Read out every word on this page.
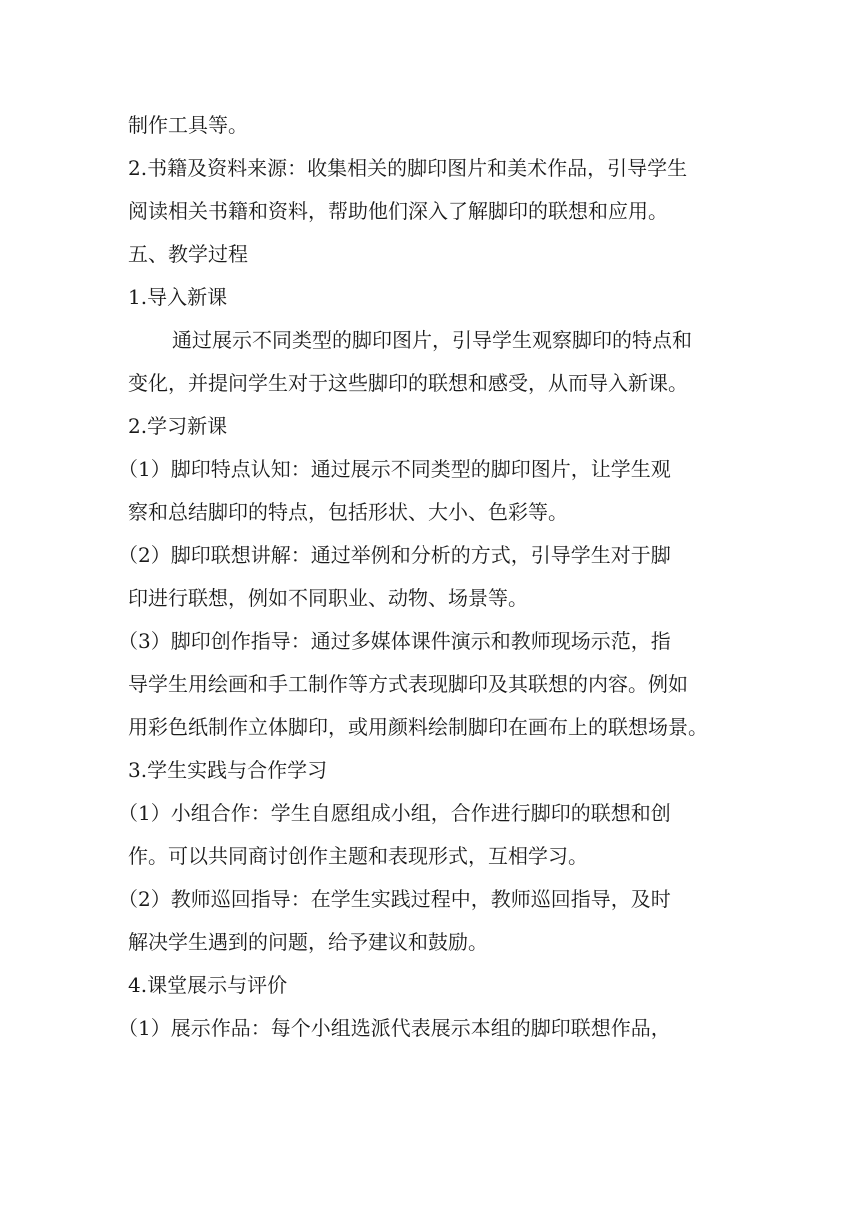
制作工具等。
2.书籍及资料来源：收集相关的脚印图片和美术作品，引导学生
阅读相关书籍和资料，帮助他们深入了解脚印的联想和应用。
五、教学过程
1.导入新课
通过展示不同类型的脚印图片，引导学生观察脚印的特点和
变化，并提问学生对于这些脚印的联想和感受，从而导入新课。
2.学习新课
（1）脚印特点认知：通过展示不同类型的脚印图片，让学生观
察和总结脚印的特点，包括形状、大小、色彩等。
（2）脚印联想讲解：通过举例和分析的方式，引导学生对于脚
印进行联想，例如不同职业、动物、场景等。
（3）脚印创作指导：通过多媒体课件演示和教师现场示范，指
导学生用绘画和手工制作等方式表现脚印及其联想的内容。例如
用彩色纸制作立体脚印，或用颜料绘制脚印在画布上的联想场景。
3.学生实践与合作学习
（1）小组合作：学生自愿组成小组，合作进行脚印的联想和创
作。可以共同商讨创作主题和表现形式，互相学习。
（2）教师巡回指导：在学生实践过程中，教师巡回指导，及时
解决学生遇到的问题，给予建议和鼓励。
4.课堂展示与评价
（1）展示作品：每个小组选派代表展示本组的脚印联想作品，
